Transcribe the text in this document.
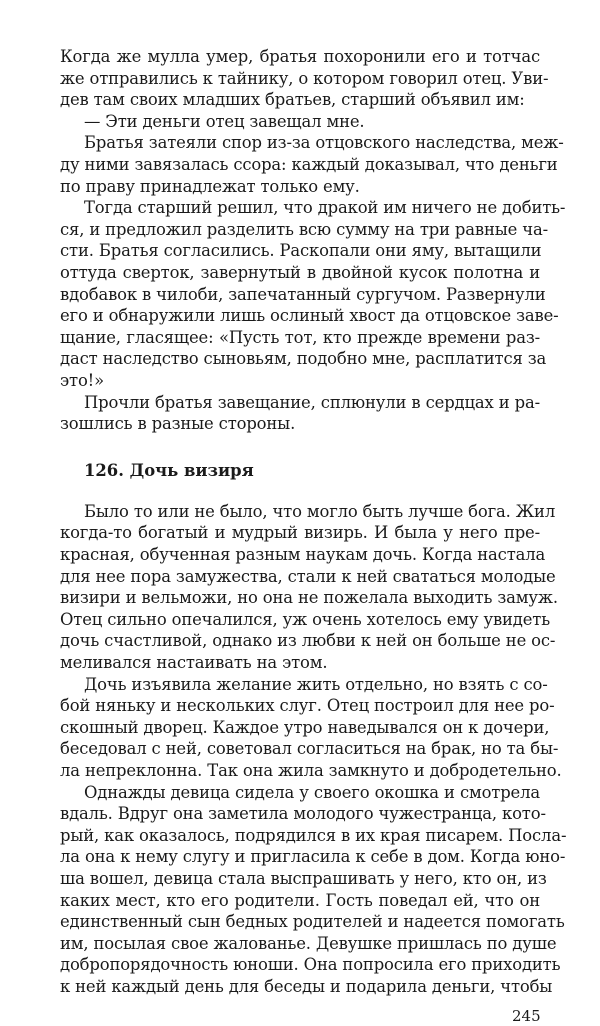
126. Дочь визиря
Когда же мулла умер, братья похоронили его и тотчас
же отправились к тайнику, о котором говорил отец. Уви-
дев там своих младших братьев, старший объявил им:
— Эти деньги отец завещал мне.
Братья затеяли спор из-за отцовского наследства, меж-
ду ними завязалась ссора: каждый доказывал, что деньги
по праву принадлежат только ему.
Тогда старший решил, что дракой им ничего не добить-
ся, и предложил разделить всю сумму на три равные ча-
сти. Братья согласились. Раскопали они яму, вытащили
оттуда сверток, завернутый в двойной кусок полотна и
вдобавок в чилоби, запечатанный сургучом. Развернули
его и обнаружили лишь ослиный хвост да отцовское заве-
щание, гласящее: «Пусть тот, кто прежде времени раз-
даст наследство сыновьям, подобно мне, расплатится за
это!»
Прочли братья завещание, сплюнули в сердцах и ра-
зошлись в разные стороны.
Было то или не было, что могло быть лучше бога. Жил
когда-то богатый и мудрый визирь. И была у него пре-
красная, обученная разным наукам дочь. Когда настала
для нее пора замужества, стали к ней свататься молодые
визири и вельможи, но она не пожелала выходить замуж.
Отец сильно опечалился, уж очень хотелось ему увидеть
дочь счастливой, однако из любви к ней он больше не ос-
меливался настаивать на этом.
Дочь изъявила желание жить отдельно, но взять с со-
бой няньку и нескольких слуг. Отец построил для нее ро-
скошный дворец. Каждое утро наведывался он к дочери,
беседовал с ней, советовал согласиться на брак, но та бы-
ла непреклонна. Так она жила замкнуто и добродетельно.
Однажды девица сидела у своего окошка и смотрела
вдаль. Вдруг она заметила молодого чужестранца, кото-
рый, как оказалось, подрядился в их края писарем. Посла-
ла она к нему слугу и пригласила к себе в дом. Когда юно-
ша вошел, девица стала выспрашивать у него, кто он, из
каких мест, кто его родители. Гость поведал ей, что он
единственный сын бедных родителей и надеется помогать
им, посылая свое жалованье. Девушке пришлась по душе
добропорядочность юноши. Она попросила его приходить
к ней каждый день для беседы и подарила деньги, чтобы
245
